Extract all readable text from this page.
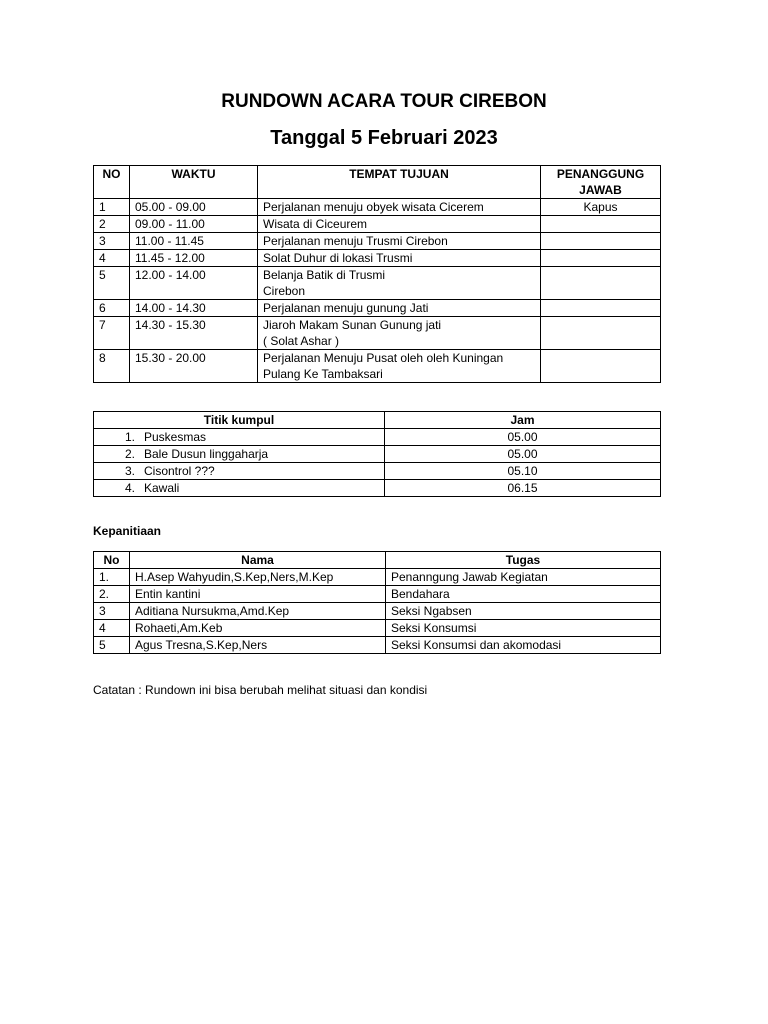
RUNDOWN ACARA TOUR CIREBON
Tanggal 5 Februari 2023
NO	WAKTU	TEMPAT TUJUAN	PENANGGUNG JAWAB
1	05.00 - 09.00	Perjalanan menuju obyek wisata Cicerem	Kapus
2	09.00 - 11.00	Wisata di Ciceurem	

3	11.00 - 11.45	Perjalanan menuju Trusmi Cirebon	

4	11.45 - 12.00	Solat Duhur di lokasi Trusmi	

5	12.00 - 14.00	Belanja Batik di Trusmi
Cirebon	

6	14.00 - 14.30	Perjalanan menuju gunung Jati	

7	14.30 - 15.30	Jiaroh Makam Sunan Gunung jati
( Solat Ashar )	

8	15.30 - 20.00	Perjalanan Menuju Pusat oleh oleh Kuningan
Pulang Ke Tambaksari	

Titik kumpul	Jam
1. Puskesmas	05.00
2. Bale Dusun linggaharja	05.00
3. Cisontrol ???	05.10
4. Kawali	06.15

Kepanitiaan

No	Nama	Tugas
1.	H.Asep Wahyudin,S.Kep,Ners,M.Kep	Penanngung Jawab Kegiatan
2.	Entin kantini	Bendahara
3	Aditiana Nursukma,Amd.Kep	Seksi Ngabsen
4	Rohaeti,Am.Keb	Seksi Konsumsi
5	Agus Tresna,S.Kep,Ners	Seksi Konsumsi dan akomodasi

Catatan : Rundown ini bisa berubah melihat situasi dan kondisi
